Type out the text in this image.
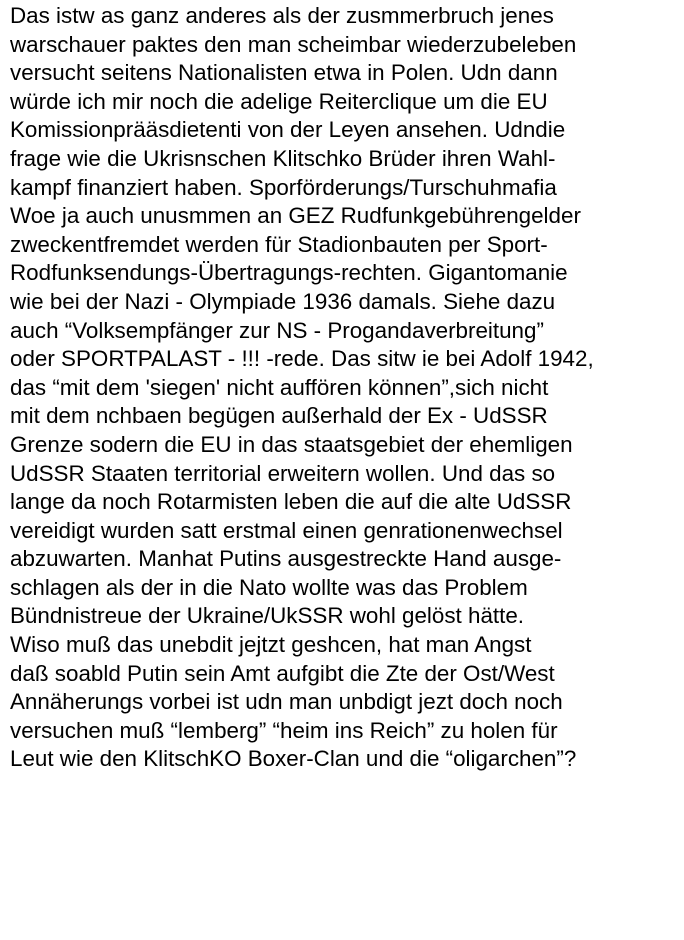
Das istw as ganz anderes als der zusmmerbruch jenes
warschauer paktes den man scheimbar wiederzubeleben
versucht seitens Nationalisten etwa in Polen. Udn dann
würde ich mir noch die adelige Reiterclique um die EU
Komissionprääsdietenti von der Leyen ansehen. Udndie
frage wie die Ukrisnschen Klitschko Brüder ihren Wahl-
kampf finanziert haben. Sporförderungs/Turschuhmafia
Woe ja auch unusmmen an GEZ Rudfunkgebührengelder
zweckentfremdet werden für Stadionbauten per Sport-
Rodfunksendungs-Übertragungs-rechten. Gigantomanie
wie bei der Nazi - Olympiade 1936 damals. Siehe dazu
auch “Volksempfänger zur NS - Progandaverbreitung”
oder SPORTPALAST - !!! -rede. Das sitw ie bei Adolf 1942,
das “mit dem 'siegen' nicht auffören können”,sich nicht
mit dem nchbaen begügen außerhald der Ex - UdSSR
Grenze sodern die EU in das staatsgebiet der ehemligen
UdSSR Staaten territorial erweitern wollen. Und das so
lange da noch Rotarmisten leben die auf die alte UdSSR
vereidigt wurden satt erstmal einen genrationenwechsel
abzuwarten. Manhat Putins ausgestreckte Hand ausge-
schlagen als der in die Nato wollte was das Problem
Bündnistreue der Ukraine/UkSSR wohl gelöst hätte.
Wiso muß das unebdit jejtzt geshcen, hat man Angst
daß soabld Putin sein Amt aufgibt die Zte der Ost/West
Annäherungs vorbei ist udn man unbdigt jezt doch noch
versuchen muß “lemberg” “heim ins Reich” zu holen für
Leut wie den KlitschKO Boxer-Clan und die “oligarchen”?
